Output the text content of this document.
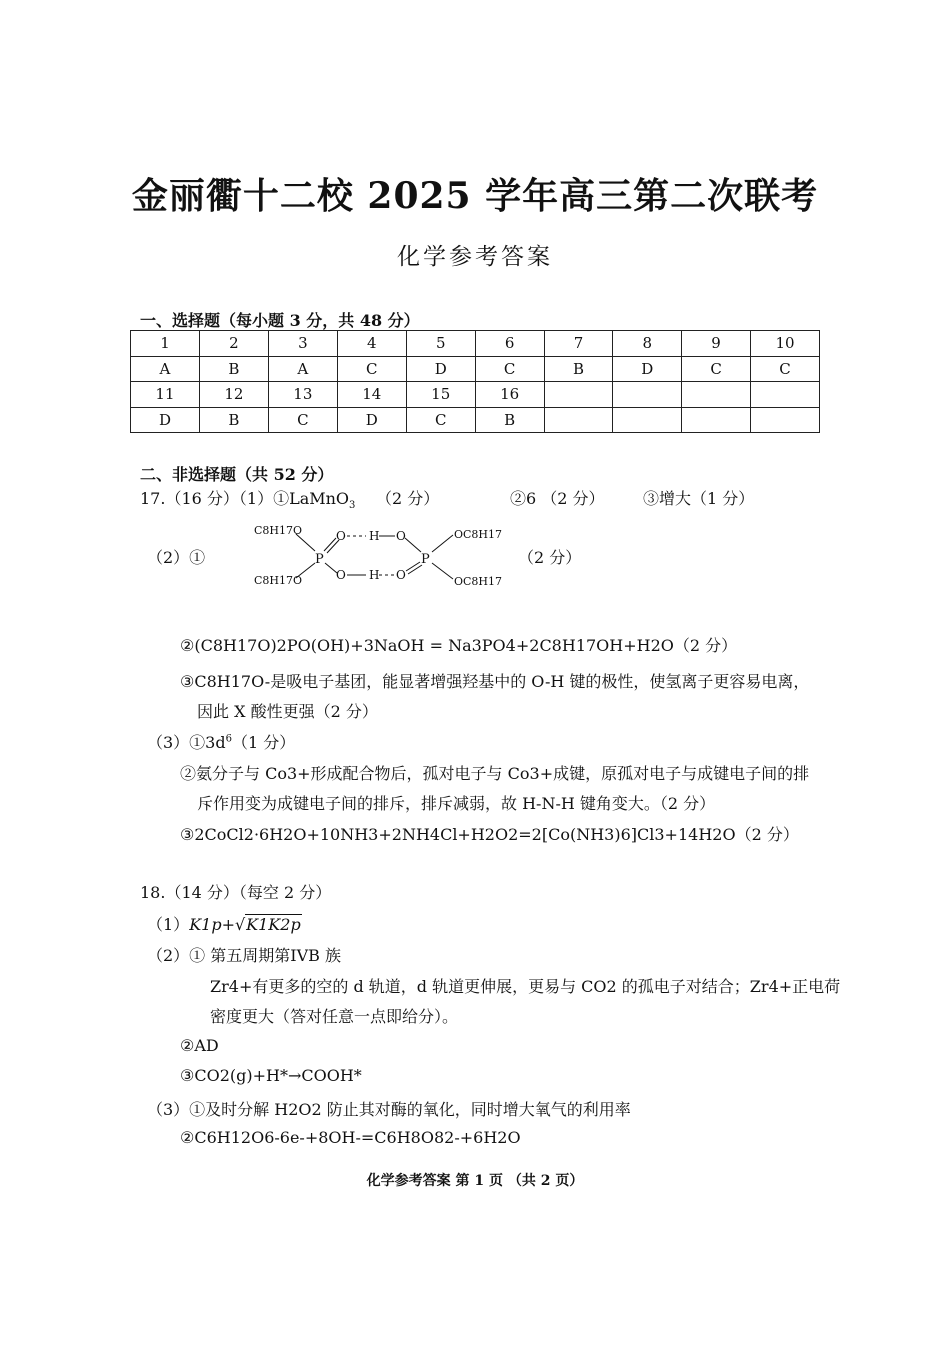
金丽衢十二校 2025 学年高三第二次联考
化学参考答案
一、选择题（每小题 3 分，共 48 分）
1	2	3	4	5	6	7	8	9	10
A	B	A	C	D	C	B	D	C	C
11	12	13	14	15	16				
D	B	C	D	C	B				
二、非选择题（共 52 分）
17.（16 分）（1）①LaMnO$_3$ （2 分）	②6 （2 分） ③增大（1 分）
（2）①	（2 分）
C8H17O
C8H17O
OC8H17
OC8H17
P	P
O
O
O
O
H
H
②(C8H17O)2PO(OH)+3NaOH = Na3PO4+2C8H17OH+H2O（2 分）
③C8H17O-是吸电子基团，能显著增强羟基中的 O-H 键的极性，使氢离子更容易电离，
因此 X 酸性更强（2 分）
$(3)①3d^6(1$ 分）
②氨分子与 Co3+形成配合物后，孤对电子与 Co3+成键，原孤对电子与成键电子间的排
斥作用变为成键电子间的排斥，排斥减弱，故 H-N-H 键角变大。（2 分）
③2CoCl2·6H2O+10NH3+2NH4Cl+H2O2=2[Co(NH3)6]Cl3+14H2O（2 分）
18.（14 分）（每空 2 分）
（1）K1p+√K1K2p
（2）① 第五周期第IVB 族
Zr4+有更多的空的 d 轨道，d 轨道更伸展，更易与 CO2 的孤电子对结合；Zr4+正电荷
密度更大（答对任意一点即给分）。
②AD
③CO2(g)+H*→COOH*
（3）①及时分解 H2O2 防止其对酶的氧化，同时增大氧气的利用率
②C6H12O6-6e-+8OH-=C6H8O82-+6H2O
化学参考答案 第 1 页 （共 2 页）
